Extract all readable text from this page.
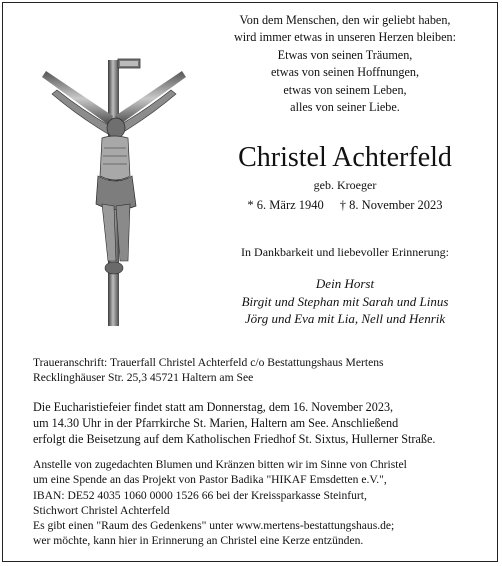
Von dem Menschen, den wir geliebt haben,
wird immer etwas in unseren Herzen bleiben:
Etwas von seinen Träumen,
etwas von seinen Hoffnungen,
etwas von seinem Leben,
alles von seiner Liebe.
Christel Achterfeld
geb. Kroeger
* 6. März 1940 † 8. November 2023
In Dankbarkeit und liebevoller Erinnerung:
Dein Horst
Birgit und Stephan mit Sarah und Linus
Jörg und Eva mit Lia, Nell und Henrik
Traueranschrift: Trauerfall Christel Achterfeld c/o Bestattungshaus Mertens
Recklinghäuser Str. 25,3 45721 Haltern am See
Die Eucharistiefeier findet statt am Donnerstag, dem 16. November 2023,
um 14.30 Uhr in der Pfarrkirche St. Marien, Haltern am See. Anschließend
erfolgt die Beisetzung auf dem Katholischen Friedhof St. Sixtus, Hullerner Straße.
Anstelle von zugedachten Blumen und Kränzen bitten wir im Sinne von Christel
um eine Spende an das Projekt von Pastor Badika "HIKAF Emsdetten e.V.",
IBAN: DE52 4035 1060 0000 1526 66 bei der Kreissparkasse Steinfurt,
Stichwort Christel Achterfeld
Es gibt einen "Raum des Gedenkens" unter www.mertens-bestattungshaus.de;
wer möchte, kann hier in Erinnerung an Christel eine Kerze entzünden.
